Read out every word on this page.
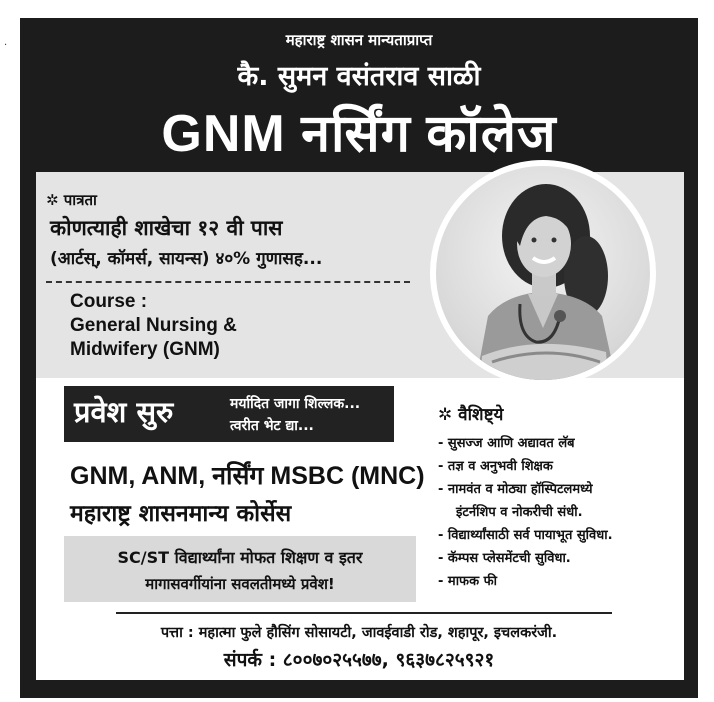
·	महाराष्ट्र शासन मान्यताप्राप्त
कै. सुमन वसंतराव साळी
GNM नर्सिंग कॉलेज
✲ पात्रता
कोणत्याही शाखेचा १२ वी पास
(आर्टस्, कॉमर्स, सायन्स) ४०% गुणासह...
Course :
General Nursing &
Midwifery (GNM)
प्रवेश सुरु	मर्यादित जागा शिल्लक...
त्वरीत भेट द्या...
GNM, ANM, नर्सिंग MSBC (MNC)
महाराष्ट्र शासनमान्य कोर्सेस
SC/ST विद्यार्थ्यांना मोफत शिक्षण व इतर
मागासवर्गीयांना सवलतीमध्ये प्रवेश!
✲ वैशिष्ट्ये
- सुसज्ज आणि अद्यावत लॅब
- तज्ञ व अनुभवी शिक्षक
- नामवंत व मोठ्या हॉस्पिटलमध्ये
इंटर्नशिप व नोकरीची संधी.
- विद्यार्थ्यांसाठी सर्व पायाभूत सुविधा.
- कॅम्पस प्लेसमेंटची सुविधा.
- माफक फी
पत्ता : महात्मा फुले हौसिंग सोसायटी, जावईवाडी रोड, शहापूर, इचलकरंजी.
संपर्क : ८००७०२५५७७, ९६३७८२५९२१
